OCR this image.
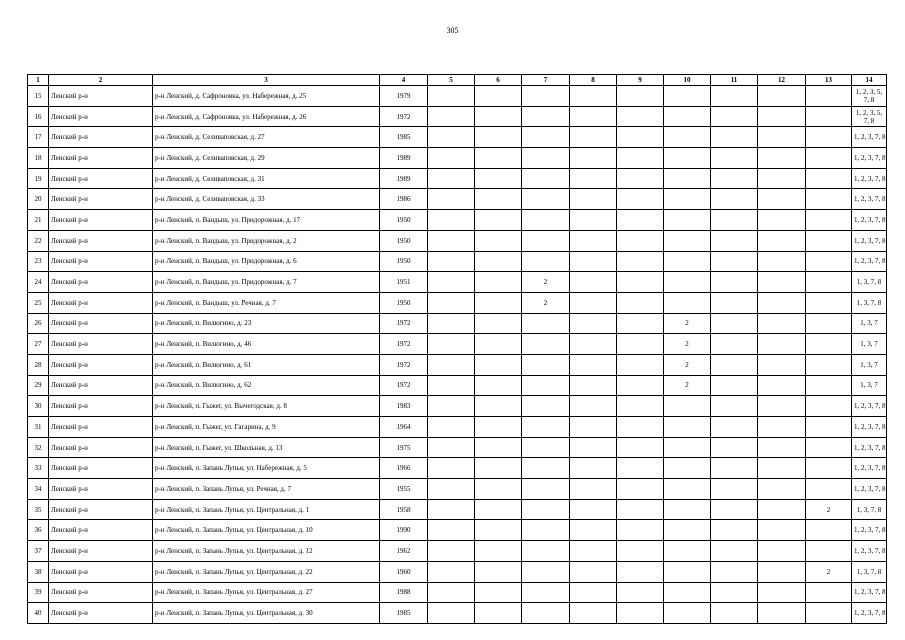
305
1	2	3	4	5	6	7	8	9	10	11	12	13	14
15	Ленский р-н	р-н Ленский, д. Сафроновка, ул. Набережная, д. 25	1979										1, 2, 3, 5, 7, 8
16	Ленский р-н	р-н Ленский, д. Сафроновка, ул. Набережная, д. 26	1972										1, 2, 3, 5, 7, 8
17	Ленский р-н	р-н Ленский, д. Селиваповская, д. 27	1985										1, 2, 3, 7, 8
18	Ленский р-н	р-н Ленский, д. Селиваповская, д. 29	1989										1, 2, 3, 7, 8
19	Ленский р-н	р-н Ленский, д. Селиваповская, д. 31	1989										1, 2, 3, 7, 8
20	Ленский р-н	р-н Ленский, д. Селиваповская, д. 33	1986										1, 2, 3, 7, 8
21	Ленский р-н	р-н Ленский, п. Вандыш, ул. Придорожная, д. 17	1950										1, 2, 3, 7, 8
22	Ленский р-н	р-н Ленский, п. Вандыш, ул. Придорожная, д. 2	1950										1, 2, 3, 7, 8
23	Ленский р-н	р-н Ленский, п. Вандыш, ул. Придорожная, д. 6	1950										1, 2, 3, 7, 8
24	Ленский р-н	р-н Ленский, п. Вандыш, ул. Придорожная, д. 7	1951			2							1, 3, 7, 8
25	Ленский р-н	р-н Ленский, п. Вандыш, ул. Речная, д. 7	1950			2							1, 3, 7, 8
26	Ленский р-н	р-н Ленский, п. Вилюгино, д. 23	1972						2				1, 3, 7
27	Ленский р-н	р-н Ленский, п. Вилюгино, д. 46	1972						2				1, 3, 7
28	Ленский р-н	р-н Ленский, п. Вилюгино, д. 61	1972						2				1, 3, 7
29	Ленский р-н	р-н Ленский, п. Вилюгино, д. 62	1972						2				1, 3, 7
30	Ленский р-н	р-н Ленский, п. Гыжег, ул. Вычегодская, д. 8	1983										1, 2, 3, 7, 8
31	Ленский р-н	р-н Ленский, п. Гыжег, ул. Гагарина, д. 9	1964										1, 2, 3, 7, 8
32	Ленский р-н	р-н Ленский, п. Гыжег, ул. Школьная, д. 13	1975										1, 2, 3, 7, 8
33	Ленский р-н	р-н Ленский, п. Запань Лупья, ул. Набережная, д. 5	1966										1, 2, 3, 7, 8
34	Ленский р-н	р-н Ленский, п. Запань Лупья, ул. Речная, д. 7	1955										1, 2, 3, 7, 8
35	Ленский р-н	р-н Ленский, п. Запань Лупья, ул. Центральная, д. 1	1958									2	1, 3, 7, 8
36	Ленский р-н	р-н Ленский, п. Запань Лупья, ул. Центральная, д. 10	1990										1, 2, 3, 7, 8
37	Ленский р-н	р-н Ленский, п. Запань Лупья, ул. Центральная, д. 12	1962										1, 2, 3, 7, 8
38	Ленский р-н	р-н Ленский, п. Запань Лупья, ул. Центральная, д. 22	1960									2	1, 3, 7, 8
39	Ленский р-н	р-н Ленский, п. Запань Лупья, ул. Центральная, д. 27	1988										1, 2, 3, 7, 8
40	Ленский р-н	р-н Ленский, п. Запань Лупья, ул. Центральная, д. 30	1985										1, 2, 3, 7, 8
